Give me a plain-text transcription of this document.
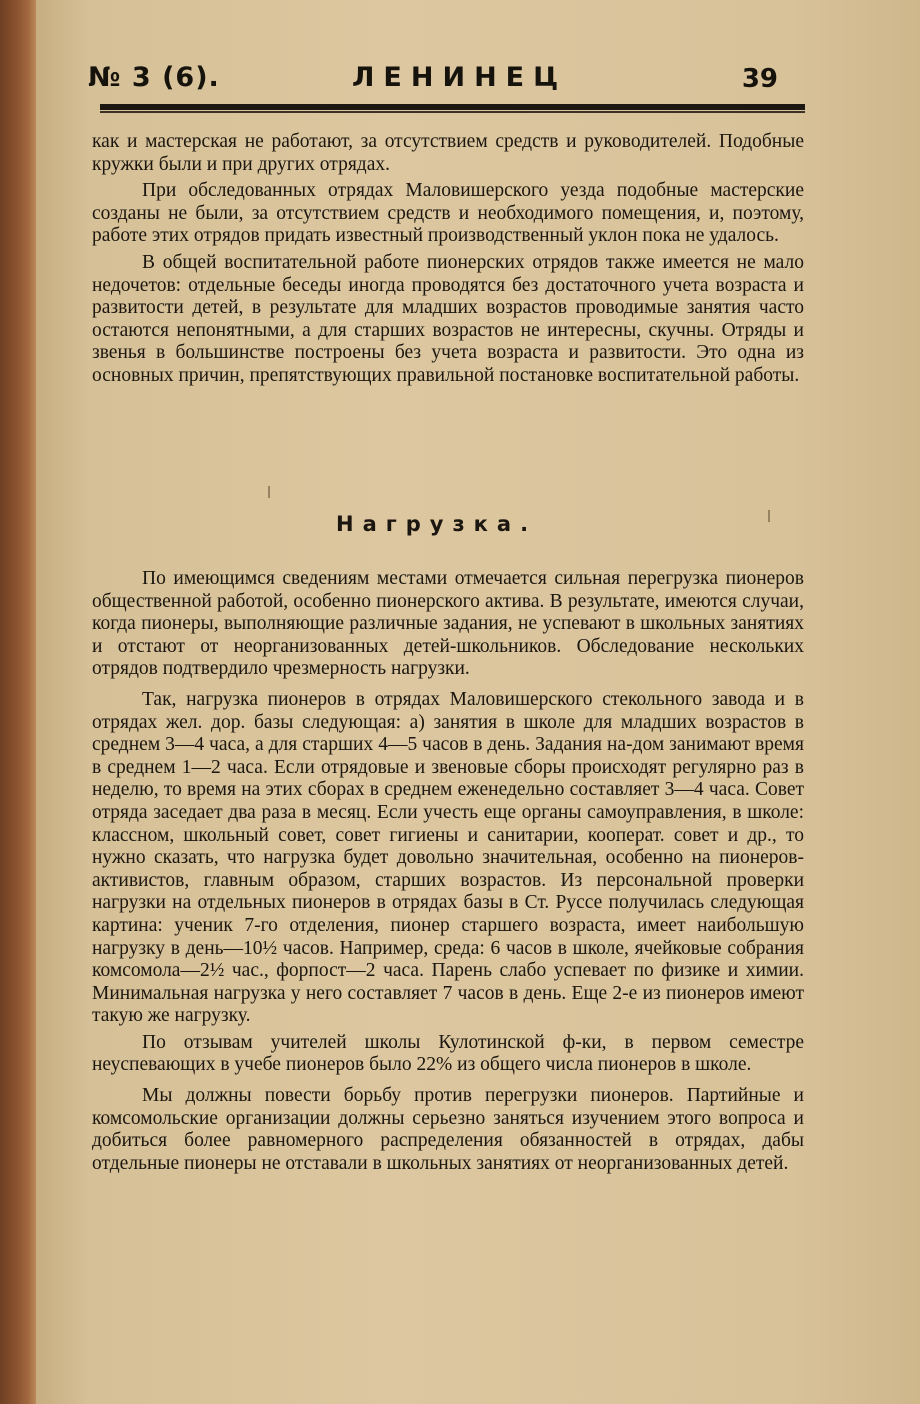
№ 3 (6).	ЛЕНИНЕЦ	39

как и мастерская не работают, за отсутствием средств и руководителей. Подобные кружки были и при других отрядах.

При обследованных отрядах Маловишерского уезда подобные мастерские созданы не были, за отсутствием средств и необходимого помещения, и, поэтому, работе этих отрядов придать известный производственный уклон пока не удалось.

В общей воспитательной работе пионерских отрядов также имеется не мало недочетов: отдельные беседы иногда проводятся без достаточного учета возраста и развитости детей, в результате для младших возрастов проводимые занятия часто остаются непонятными, а для старших возрастов не интересны, скучны. Отряды и звенья в большинстве построены без учета возраста и развитости. Это одна из основных причин, препятствующих правильной постановке воспитательной работы.

Нагрузка.

По имеющимся сведениям местами отмечается сильная перегрузка пионеров общественной работой, особенно пионерского актива. В результате, имеются случаи, когда пионеры, выполняющие различные задания, не успевают в школьных занятиях и отстают от неорганизованных детей-школьников. Обследование нескольких отрядов подтвердило чрезмерность нагрузки.

Так, нагрузка пионеров в отрядах Маловишерского стекольного завода и в отрядах жел. дор. базы следующая: а) занятия в школе для младших возрастов в среднем 3—4 часа, а для старших 4—5 часов в день. Задания на-дом занимают время в среднем 1—2 часа. Если отрядовые и звеновые сборы происходят регулярно раз в неделю, то время на этих сборах в среднем еженедельно составляет 3—4 часа. Совет отряда заседает два раза в месяц. Если учесть еще органы самоуправления, в школе: классном, школьный совет, совет гигиены и санитарии, кооперат. совет и др., то нужно сказать, что нагрузка будет довольно значительная, особенно на пионеров-активистов, главным образом, старших возрастов. Из персональной проверки нагрузки на отдельных пионеров в отрядах базы в Ст. Руссе получилась следующая картина: ученик 7-го отделения, пионер старшего возраста, имеет наибольшую нагрузку в день—10½ часов. Например, среда: 6 часов в школе, ячейковые собрания комсомола—2½ час., форпост—2 часа. Парень слабо успевает по физике и химии. Минимальная нагрузка у него составляет 7 часов в день. Еще 2-е из пионеров имеют такую же нагрузку.

По отзывам учителей школы Кулотинской ф-ки, в первом семестре неуспевающих в учебе пионеров было 22% из общего числа пионеров в школе.

Мы должны повести борьбу против перегрузки пионеров. Партийные и комсомольские организации должны серьезно заняться изучением этого вопроса и добиться более равномерного распределения обязанностей в отрядах, дабы отдельные пионеры не отставали в школьных занятиях от неорганизованных детей.
